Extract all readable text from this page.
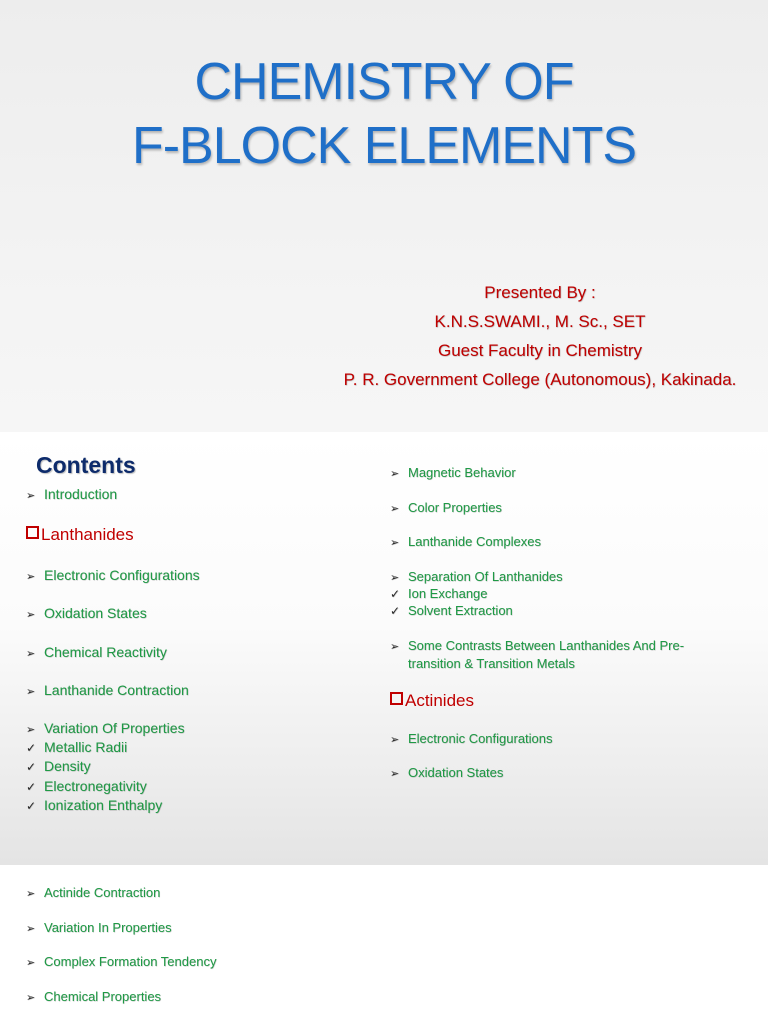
CHEMISTRY OF
F-BLOCK ELEMENTS
Presented By :
K.N.S.SWAMI., M. Sc., SET
Guest Faculty in Chemistry
P. R. Government College (Autonomous), Kakinada.
Contents
➢ Introduction
Lanthanides
➢ Electronic Configurations
➢ Oxidation States
➢ Chemical Reactivity
➢ Lanthanide Contraction
➢ Variation Of Properties
✓ Metallic Radii
✓ Density
✓ Electronegativity
✓ Ionization Enthalpy
➢ Magnetic Behavior
➢ Color Properties
➢ Lanthanide Complexes
➢ Separation Of Lanthanides
✓ Ion Exchange
✓ Solvent Extraction
➢ Some Contrasts Between Lanthanides And Pre-
transition & Transition Metals
Actinides
➢ Electronic Configurations
➢ Oxidation States
➢ Actinide Contraction
➢ Variation In Properties
➢ Complex Formation Tendency
➢ Chemical Properties
